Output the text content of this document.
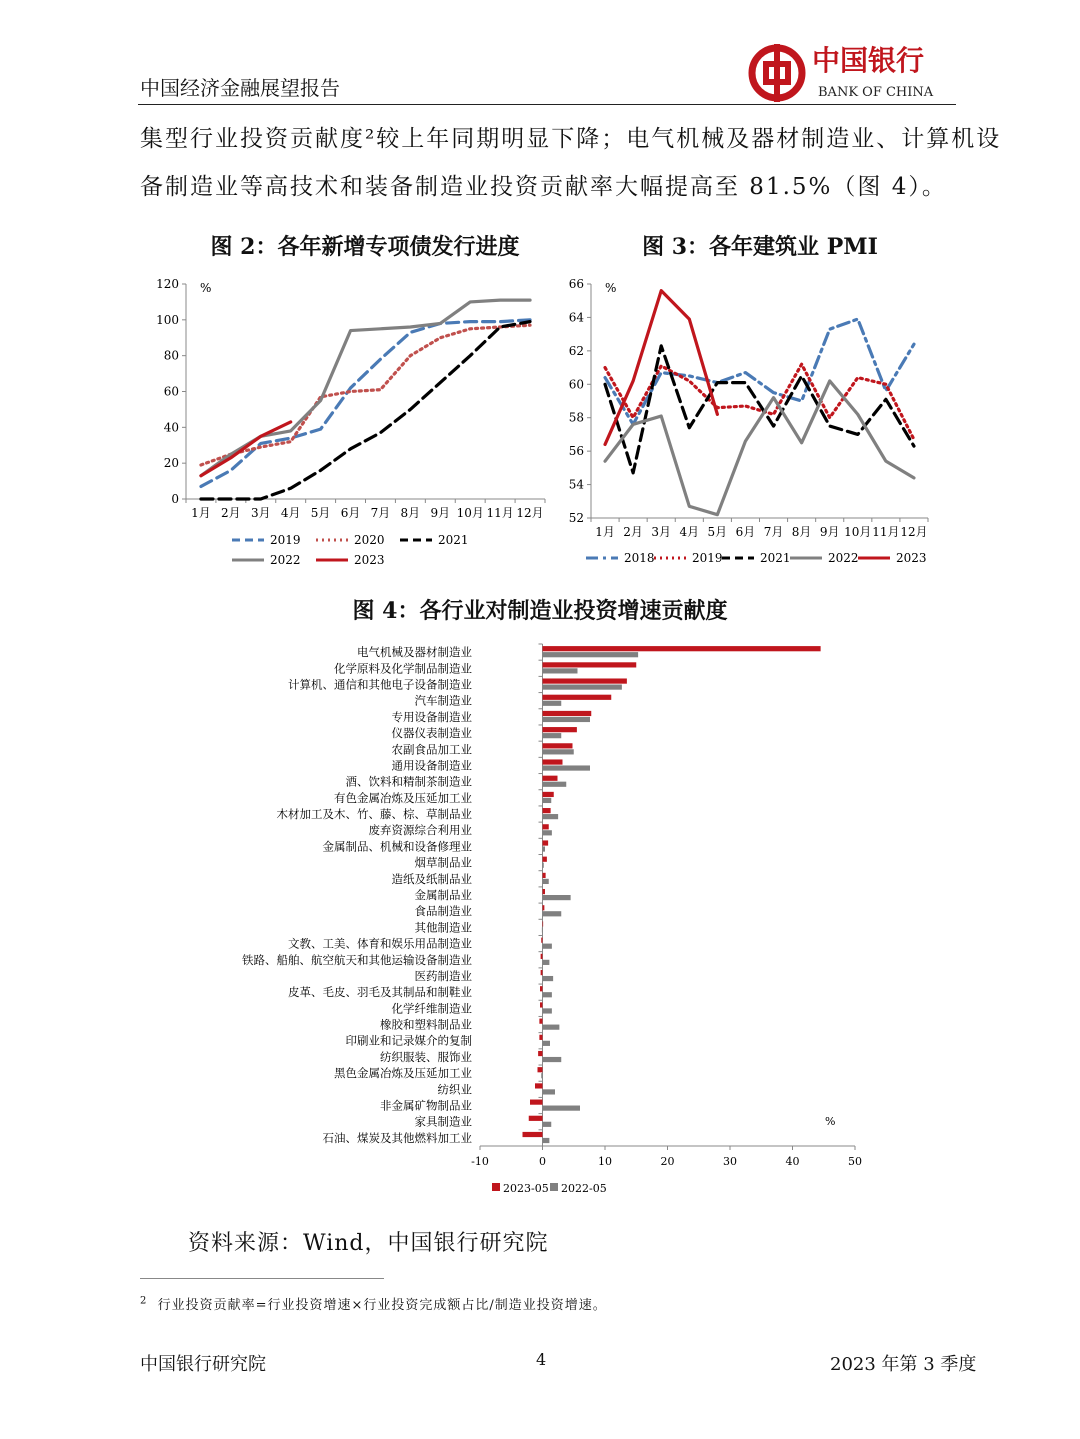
中国经济金融展望报告
中国银行
BANK OF CHINA
集型行业投资贡献度²较上年同期明显下降；电气机械及器材制造业、计算机设
备制造业等高技术和装备制造业投资贡献率大幅提高至 81.5%（图 4）。
图 2：各年新增专项债发行进度	图 3：各年建筑业 PMI
0
20
40
60
80
100
120
1月 2月 3月 4月 5月 6月 7月 8月 9月 10月 11月 12月
%
2019	2020	2021
2022	2023
52
54
56
58
60
62
64
66
1月 2月 3月 4月 5月 6月 7月 8月 9月 10月 11月 12月
%
2018	2019	2021	2022	2023
图 4：各行业对制造业投资增速贡献度
-10	0	10	20	30	40	50
电气机械及器材制造业
化学原料及化学制品制造业
计算机、通信和其他电子设备制造业
汽车制造业
专用设备制造业
仪器仪表制造业
农副食品加工业
通用设备制造业
酒、饮料和精制茶制造业
有色金属冶炼及压延加工业
木材加工及木、竹、藤、棕、草制品业
废弃资源综合利用业
金属制品、机械和设备修理业
烟草制品业
造纸及纸制品业
金属制品业
食品制造业
其他制造业
文教、工美、体育和娱乐用品制造业
铁路、船舶、航空航天和其他运输设备制造业
医药制造业
皮革、毛皮、羽毛及其制品和制鞋业
化学纤维制造业
橡胶和塑料制品业
印刷业和记录媒介的复制
纺织服装、服饰业
黑色金属冶炼及压延加工业
纺织业
非金属矿物制品业
家具制造业
石油、煤炭及其他燃料加工业
%
2023-05 2022-05
资料来源：Wind，中国银行研究院
$^2$ 行业投资贡献率=行业投资增速×行业投资完成额占比/制造业投资增速。
中国银行研究院	4	2023 年第 3 季度
